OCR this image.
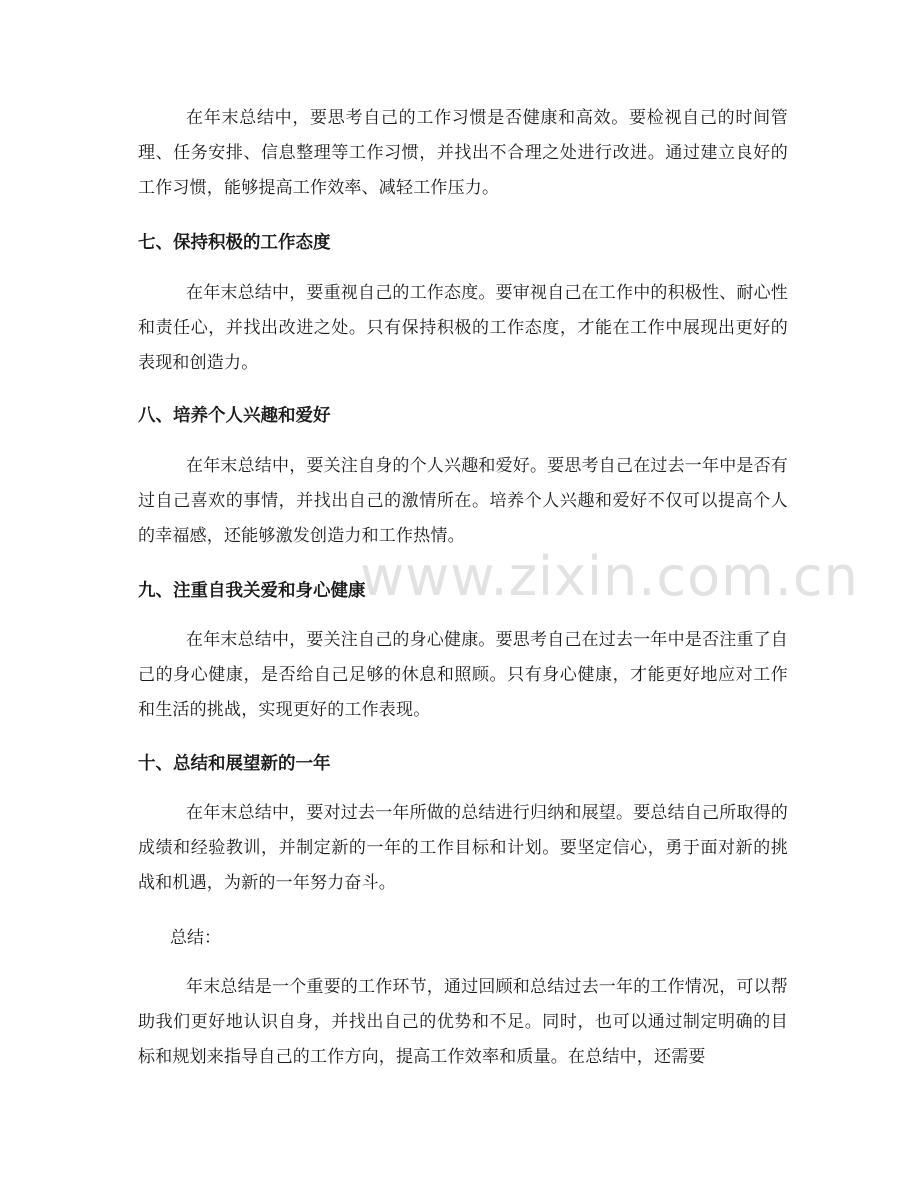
在年末总结中，要思考自己的工作习惯是否健康和高效。要检视自己的时间管理、任务安排、信息整理等工作习惯，并找出不合理之处进行改进。通过建立良好的工作习惯，能够提高工作效率、减轻工作压力。

七、保持积极的工作态度

在年末总结中，要重视自己的工作态度。要审视自己在工作中的积极性、耐心性和责任心，并找出改进之处。只有保持积极的工作态度，才能在工作中展现出更好的表现和创造力。

八、培养个人兴趣和爱好

在年末总结中，要关注自身的个人兴趣和爱好。要思考自己在过去一年中是否有过自己喜欢的事情，并找出自己的激情所在。培养个人兴趣和爱好不仅可以提高个人的幸福感，还能够激发创造力和工作热情。

九、注重自我关爱和身心健康

在年末总结中，要关注自己的身心健康。要思考自己在过去一年中是否注重了自己的身心健康，是否给自己足够的休息和照顾。只有身心健康，才能更好地应对工作和生活的挑战，实现更好的工作表现。

十、总结和展望新的一年

在年末总结中，要对过去一年所做的总结进行归纳和展望。要总结自己所取得的成绩和经验教训，并制定新的一年的工作目标和计划。要坚定信心，勇于面对新的挑战和机遇，为新的一年努力奋斗。

总结：

年末总结是一个重要的工作环节，通过回顾和总结过去一年的工作情况，可以帮助我们更好地认识自身，并找出自己的优势和不足。同时，也可以通过制定明确的目标和规划来指导自己的工作方向，提高工作效率和质量。在总结中，还需要

www.zixin.com.cn
